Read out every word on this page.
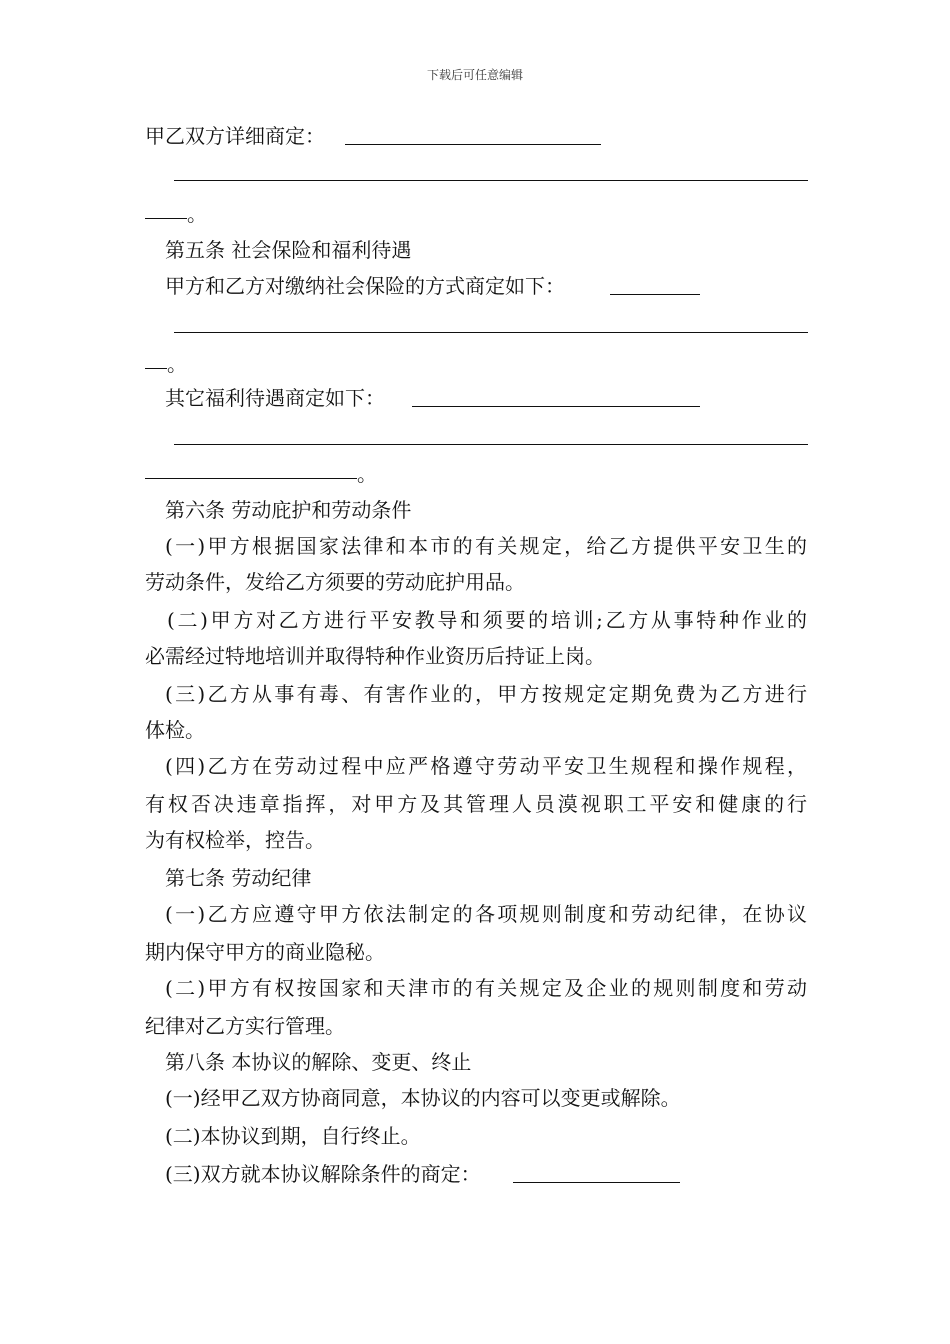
下载后可任意编辑
甲乙双方详细商定：
。
第五条 社会保险和福利待遇
甲方和乙方对缴纳社会保险的方式商定如下：
。
其它福利待遇商定如下：
。
第六条 劳动庇护和劳动条件
(一)甲方根据国家法律和本市的有关规定，给乙方提供平安卫生的
劳动条件，发给乙方须要的劳动庇护用品。
(二)甲方对乙方进行平安教导和须要的培训;乙方从事特种作业的
必需经过特地培训并取得特种作业资历后持证上岗。
(三)乙方从事有毒、有害作业的，甲方按规定定期免费为乙方进行
体检。
(四)乙方在劳动过程中应严格遵守劳动平安卫生规程和操作规程，
有权否决违章指挥，对甲方及其管理人员漠视职工平安和健康的行
为有权检举，控告。
第七条 劳动纪律
(一)乙方应遵守甲方依法制定的各项规则制度和劳动纪律，在协议
期内保守甲方的商业隐秘。
(二)甲方有权按国家和天津市的有关规定及企业的规则制度和劳动
纪律对乙方实行管理。
第八条 本协议的解除、变更、终止
(一)经甲乙双方协商同意，本协议的内容可以变更或解除。
(二)本协议到期，自行终止。
(三)双方就本协议解除条件的商定：
